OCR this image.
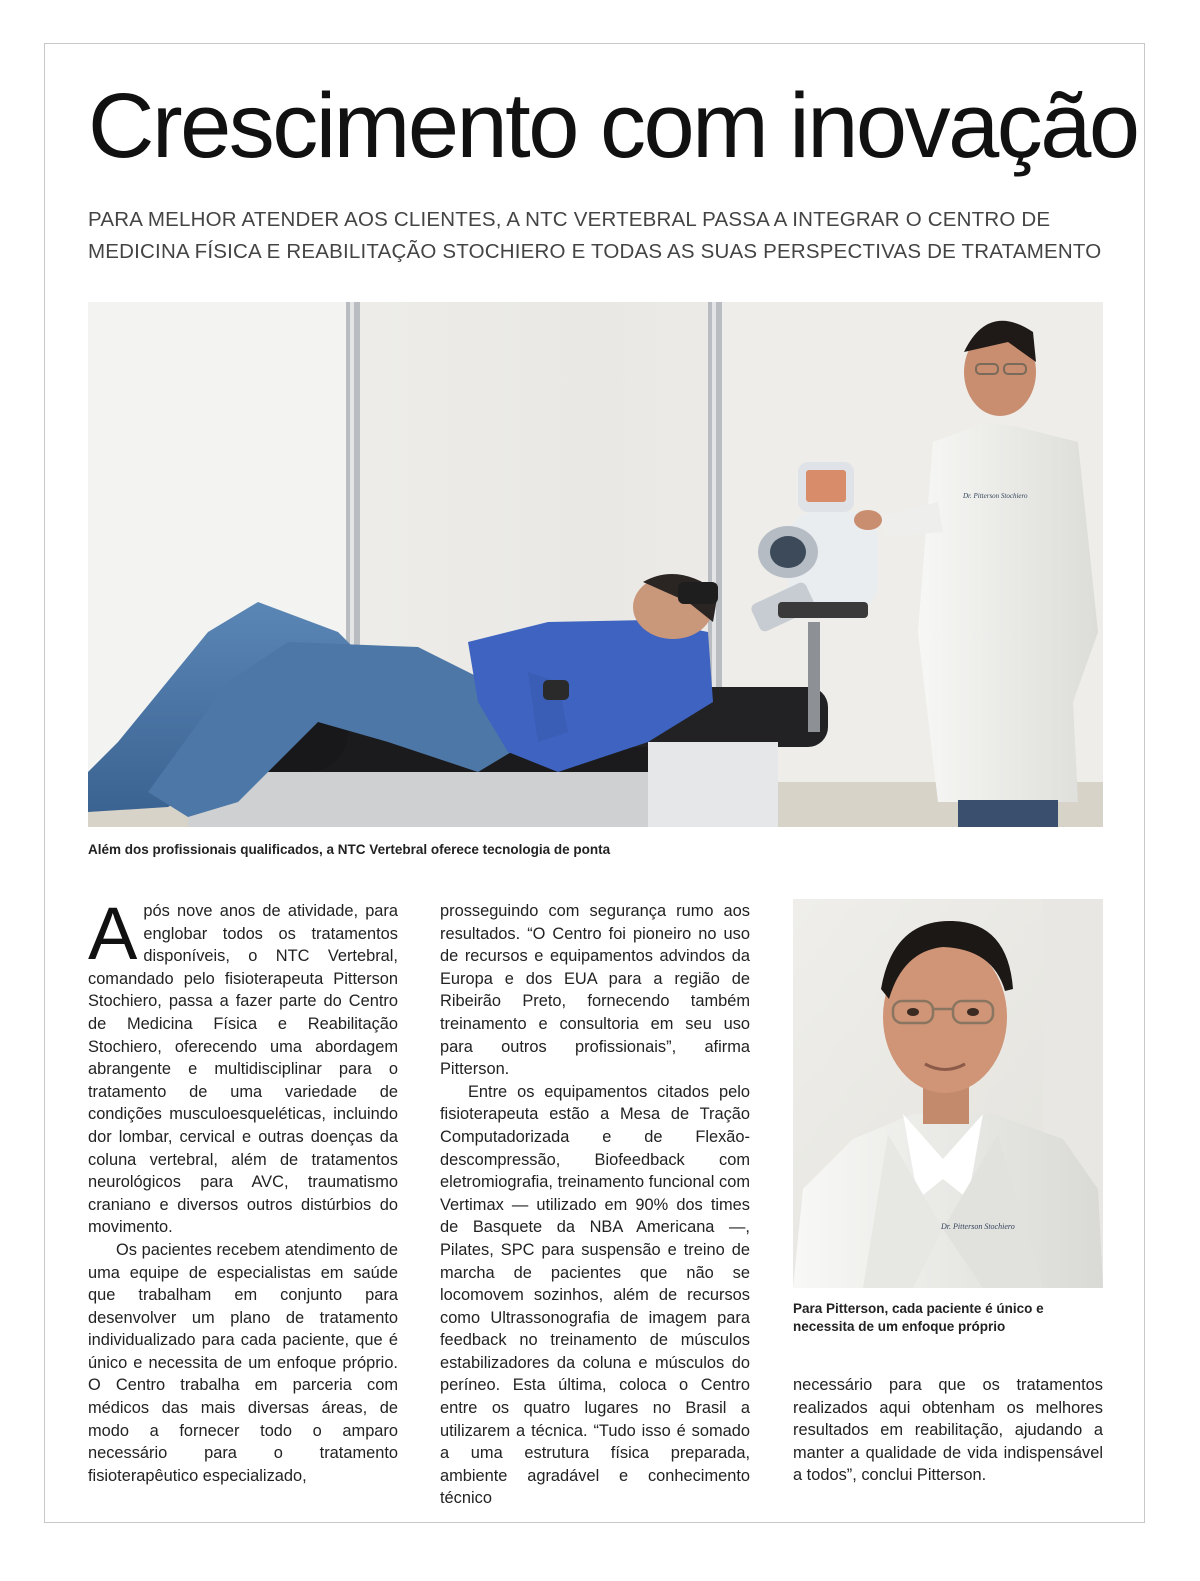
Crescimento com inovação
PARA MELHOR ATENDER AOS CLIENTES, A NTC VERTEBRAL PASSA A INTEGRAR O CENTRO DE
MEDICINA FÍSICA E REABILITAÇÃO STOCHIERO E TODAS AS SUAS PERSPECTIVAS DE TRATAMENTO
Dr. Pitterson Stochiero
Além dos profissionais qualificados, a NTC Vertebral oferece tecnologia de ponta
Dr. Pitterson Stochiero
Para Pitterson, cada paciente é único e necessita de um enfoque próprio

Após nove anos de atividade, para englobar todos os tratamentos disponíveis, o NTC Vertebral, comandado pelo fisioterapeuta Pitterson Stochiero, passa a fazer parte do Centro de Medicina Física e Reabilitação Stochiero, oferecendo uma abordagem abrangente e multidisciplinar para o tratamento de uma variedade de condições musculoesqueléticas, incluindo dor lombar, cervical e outras doenças da coluna vertebral, além de tratamentos neurológicos para AVC, traumatismo craniano e diversos outros distúrbios do movimento.

Os pacientes recebem atendimento de uma equipe de especialistas em saúde que trabalham em conjunto para desenvolver um plano de tratamento individualizado para cada paciente, que é único e necessita de um enfoque próprio. O Centro trabalha em parceria com médicos das mais diversas áreas, de modo a fornecer todo o amparo necessário para o tratamento fisioterapêutico especializado,

prosseguindo com segurança rumo aos resultados. “O Centro foi pioneiro no uso de recursos e equipamentos advindos da Europa e dos EUA para a região de Ribeirão Preto, fornecendo também treinamento e consultoria em seu uso para outros profissionais”, afirma Pitterson.

Entre os equipamentos citados pelo fisioterapeuta estão a Mesa de Tração Computadorizada e de Flexão-descompressão, Biofeedback com eletromiografia, treinamento funcional com Vertimax — utilizado em 90% dos times de Basquete da NBA Americana —, Pilates, SPC para suspensão e treino de marcha de pacientes que não se locomovem sozinhos, além de recursos como Ultrassonografia de imagem para feedback no treinamento de músculos estabilizadores da coluna e músculos do períneo. Esta última, coloca o Centro entre os quatro lugares no Brasil a utilizarem a técnica. “Tudo isso é somado a uma estrutura física preparada, ambiente agradável e conhecimento técnico

necessário para que os tratamentos realizados aqui obtenham os melhores resultados em reabilitação, ajudando a manter a qualidade de vida indispensável a todos”, conclui Pitterson.
